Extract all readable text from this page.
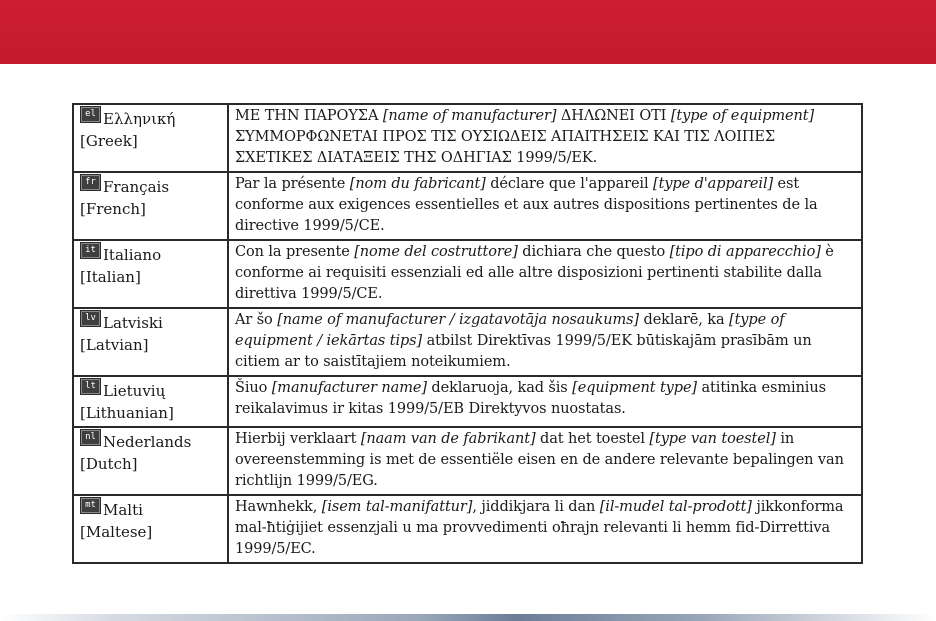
el Ελληνική
[Greek]	ΜΕ ΤΗΝ ΠΑΡΟΥΣΑ [name of manufacturer] ΔΗΛΩΝΕΙ ΟΤΙ [type of equipment] ΣΥΜΜΟΡΦΩΝΕΤΑΙ ΠΡΟΣ ΤΙΣ ΟΥΣΙΩΔΕΙΣ ΑΠΑΙΤΗΣΕΙΣ ΚΑΙ ΤΙΣ ΛΟΙΠΕΣ ΣΧΕΤΙΚΕΣ ΔΙΑΤΑΞΕΙΣ ΤΗΣ ΟΔΗΓΙΑΣ 1999/5/ΕΚ.
fr Français
[French]	Par la présente [nom du fabricant] déclare que l'appareil [type d'appareil] est conforme aux exigences essentielles et aux autres dispositions pertinentes de la directive 1999/5/CE.
it Italiano
[Italian]	Con la presente [nome del costruttore] dichiara che questo [tipo di apparecchio] è conforme ai requisiti essenziali ed alle altre disposizioni pertinenti stabilite dalla direttiva 1999/5/CE.
lv Latviski
[Latvian]	Ar šo [name of manufacturer / izgatavotāja nosaukums] deklarē, ka [type of equipment / iekārtas tips] atbilst Direktīvas 1999/5/EK būtiskajām prasībām un citiem ar to saistītajiem noteikumiem.
lt Lietuvių
[Lithuanian]	Šiuo [manufacturer name] deklaruoja, kad šis [equipment type] atitinka esminius reikalavimus ir kitas 1999/5/EB Direktyvos nuostatas.
nl Nederlands
[Dutch]	Hierbij verklaart [naam van de fabrikant] dat het toestel [type van toestel] in overeenstemming is met de essentiële eisen en de andere relevante bepalingen van richtlijn 1999/5/EG.
mt Malti
[Maltese]	Hawnhekk, [isem tal-manifattur], jiddikjara li dan [il-mudel tal-prodott] jikkonforma mal-ħtiġijiet essenzjali u ma provvedimenti oħrajn relevanti li hemm fid-Dirrettiva 1999/5/EC.
